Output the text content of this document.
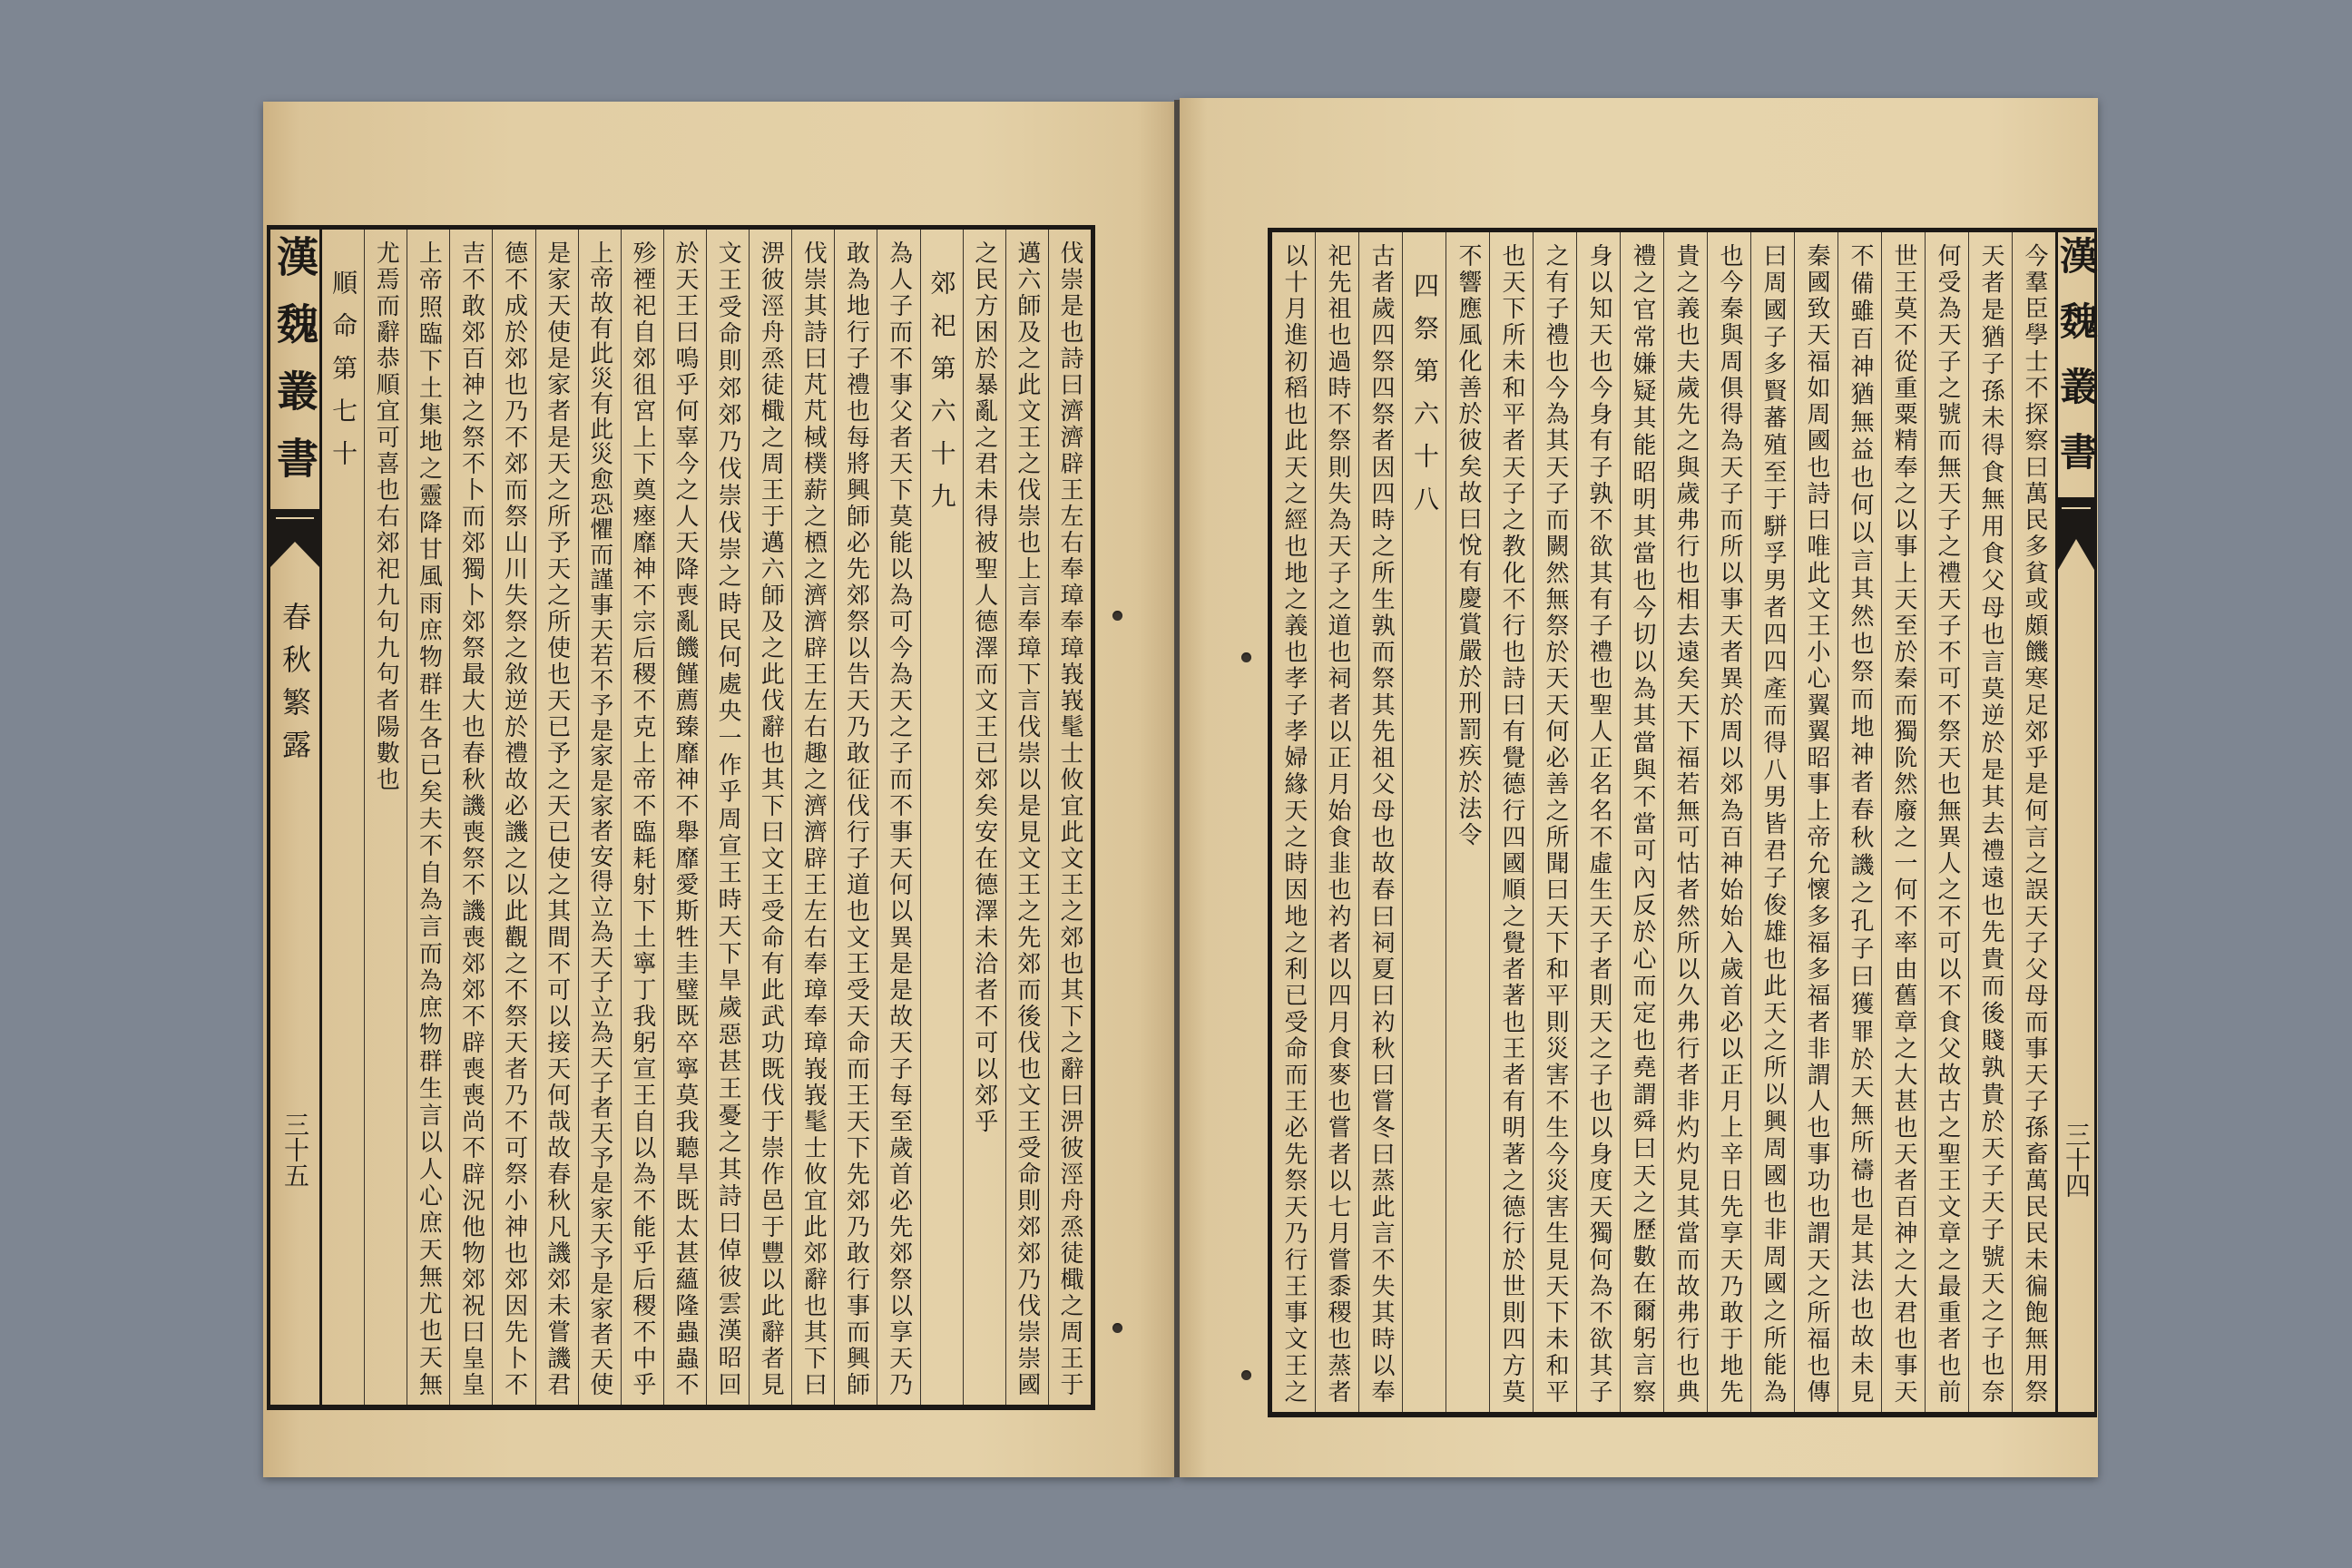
漢魏叢書
春秋繁露
三十五	伐崇是也詩曰濟濟辟王左右奉璋奉璋峩峩髦士攸宜此文王之郊也其下之辭曰淠彼涇舟烝徒檝之周王于
邁六師及之此文王之伐崇也上言奉璋下言伐崇以是見文王之先郊而後伐也文王受命則郊郊乃伐崇崇國
之民方困於暴亂之君未得被聖人德澤而文王已郊矣安在德澤未洽者不可以郊乎
郊祀第六十九
為人子而不事父者天下莫能以為可今為天之子而不事天何以異是是故天子每至歲首必先郊祭以享天乃
敢為地行子禮也每將興師必先郊祭以告天乃敢征伐行子道也文王受天命而王天下先郊乃敢行事而興師
伐崇其詩曰芃芃棫樸薪之槱之濟濟辟王左右趣之濟濟辟王左右奉璋奉璋峩峩髦士攸宜此郊辭也其下曰
淠彼涇舟烝徒檝之周王于邁六師及之此伐辭也其下曰文王受命有此武功既伐于崇作邑于豐以此辭者見
文王受命則郊郊乃伐崇伐崇之時民何處央一作乎周宣王時天下旱歲惡甚王憂之其詩曰倬彼雲漢昭回
於天王曰嗚乎何辜今之人天降喪亂饑饉薦臻靡神不舉靡愛斯牲圭璧既卒寧莫我聽旱既太甚蘊隆蟲蟲不
殄禋祀自郊徂宮上下奠瘞靡神不宗后稷不克上帝不臨耗射下土寧丁我躬宣王自以為不能乎后稷不中乎
上帝故有此災有此災愈恐懼而謹事天若不予是家是家者安得立為天子立為天子者天予是家天予是家者天使
是家天使是家者是天之所予天之所使也天已予之天已使之其間不可以接天何哉故春秋凡譏郊未嘗譏君
德不成於郊也乃不郊而祭山川失祭之敘逆於禮故必譏之以此觀之不祭天者乃不可祭小神也郊因先卜不
吉不敢郊百神之祭不卜而郊獨卜郊祭最大也春秋譏喪祭不譏喪郊郊不辟喪喪尚不辟況他物郊祝曰皇皇
上帝照臨下土集地之靈降甘風雨庶物群生各已矣夫不自為言而為庶物群生言以人心庶天無尤也天無
尤焉而辭恭順宜可喜也右郊祀九句九句者陽數也
順命第七十	今羣臣學士不探察曰萬民多貧或頗饑寒足郊乎是何言之誤天子父母而事天子孫畜萬民民未徧飽無用祭
天者是猶子孫未得食無用食父母也言莫逆於是其去禮遠也先貴而後賤孰貴於天子天子號天之子也奈
何受為天子之號而無天子之禮天子不可不祭天也無異人之不可以不食父故古之聖王文章之最重者也前
世王莫不從重粟精奉之以事上天至於秦而獨阭然廢之一何不率由舊章之大甚也天者百神之大君也事天
不備雖百神猶無益也何以言其然也祭而地神者春秋譏之孔子曰獲罪於天無所禱也是其法也故未見
秦國致天福如周國也詩曰唯此文王小心翼翼昭事上帝允懷多福多福者非謂人也事功也謂天之所福也傳
曰周國子多賢蕃殖至于駢孚男者四四產而得八男皆君子俊雄也此天之所以興周國也非周國之所能為
也今秦與周俱得為天子而所以事天者異於周以郊為百神始始入歲首必以正月上辛日先享天乃敢于地先
貴之義也夫歲先之與歲弗行也相去遠矣天下福若無可怙者然所以久弗行者非灼灼見其當而故弗行也典
禮之官常嫌疑其能昭明其當也今切以為其當與不當可內反於心而定也堯謂舜曰天之歷數在爾躬言察
身以知天也今身有子孰不欲其有子禮也聖人正名名不虛生天子者則天之子也以身度天獨何為不欲其子
之有子禮也今為其天子而闕然無祭於天天何必善之所聞曰天下和平則災害不生今災害生見天下未和平
也天下所未和平者天子之教化不行也詩曰有覺德行四國順之覺者著也王者有明著之德行於世則四方莫
不響應風化善於彼矣故曰悅有慶賞嚴於刑罰疾於法令
四祭第六十八
古者歲四祭四祭者因四時之所生孰而祭其先祖父母也故春曰祠夏曰礿秋曰嘗冬曰蒸此言不失其時以奉
祀先祖也過時不祭則失為天子之道也祠者以正月始食韭也礿者以四月食麥也嘗者以七月嘗黍稷也蒸者
以十月進初稻也此天之經也地之義也孝子孝婦緣天之時因地之利已受命而王必先祭天乃行王事文王之	漢魏叢書
三十四
